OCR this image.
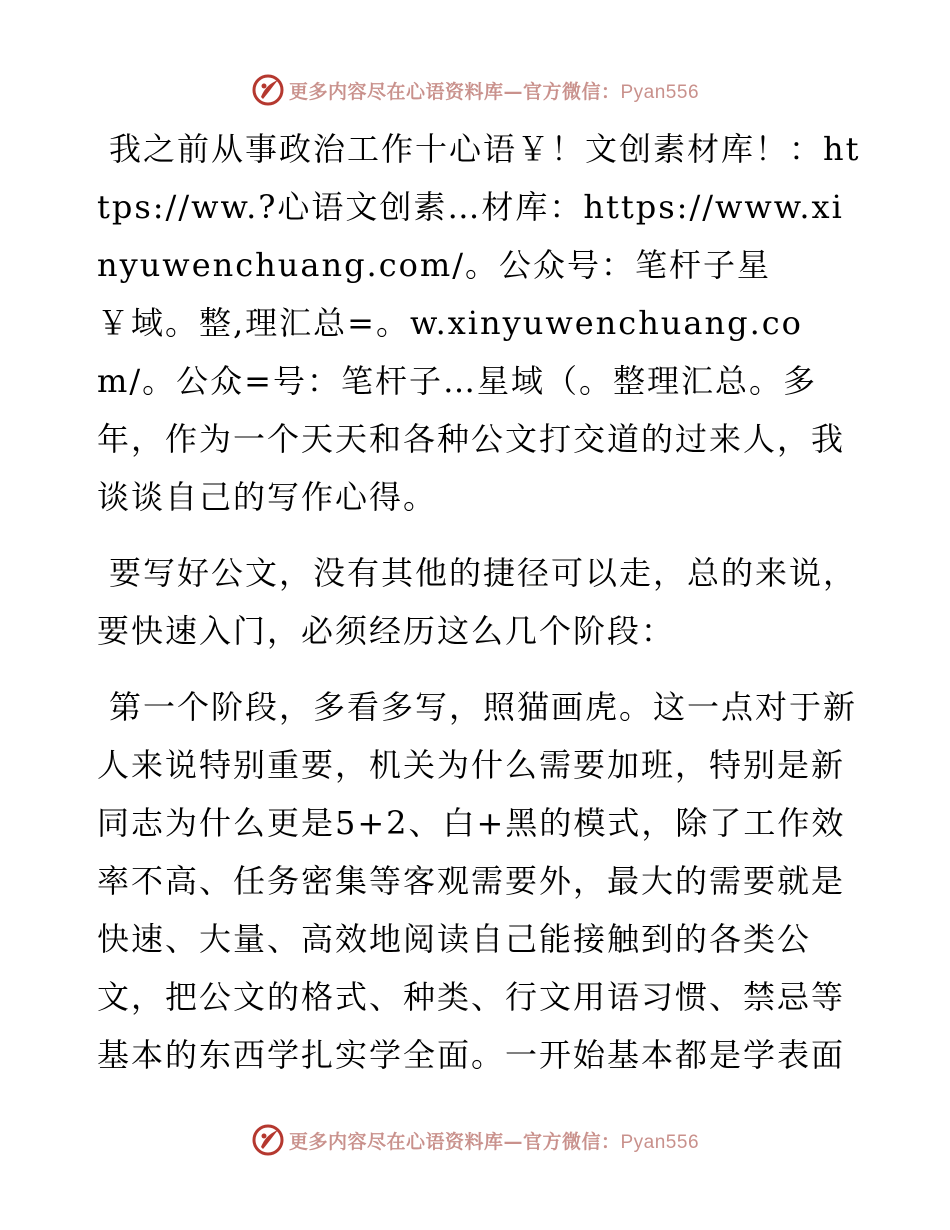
更多内容尽在心语资料库—官方微信：Pyan556

我之前从事政治工作十心语￥！文创素材库！：https://ww.?心语文创素…材库：https://www.xinyuwenchuang.com/。公众号：笔杆子星￥域。整,理汇总=。w.xinyuwenchuang.com/。公众=号：笔杆子…星域（。整理汇总。多年，作为一个天天和各种公文打交道的过来人，我谈谈自己的写作心得。

要写好公文，没有其他的捷径可以走，总的来说，要快速入门，必须经历这么几个阶段：

第一个阶段，多看多写，照猫画虎。这一点对于新人来说特别重要，机关为什么需要加班，特别是新同志为什么更是5+2、白+黑的模式，除了工作效率不高、任务密集等客观需要外，最大的需要就是快速、大量、高效地阅读自己能接触到的各类公文，把公文的格式、种类、行文用语习惯、禁忌等基本的东西学扎实学全面。一开始基本都是学表面

更多内容尽在心语资料库—官方微信：Pyan556
